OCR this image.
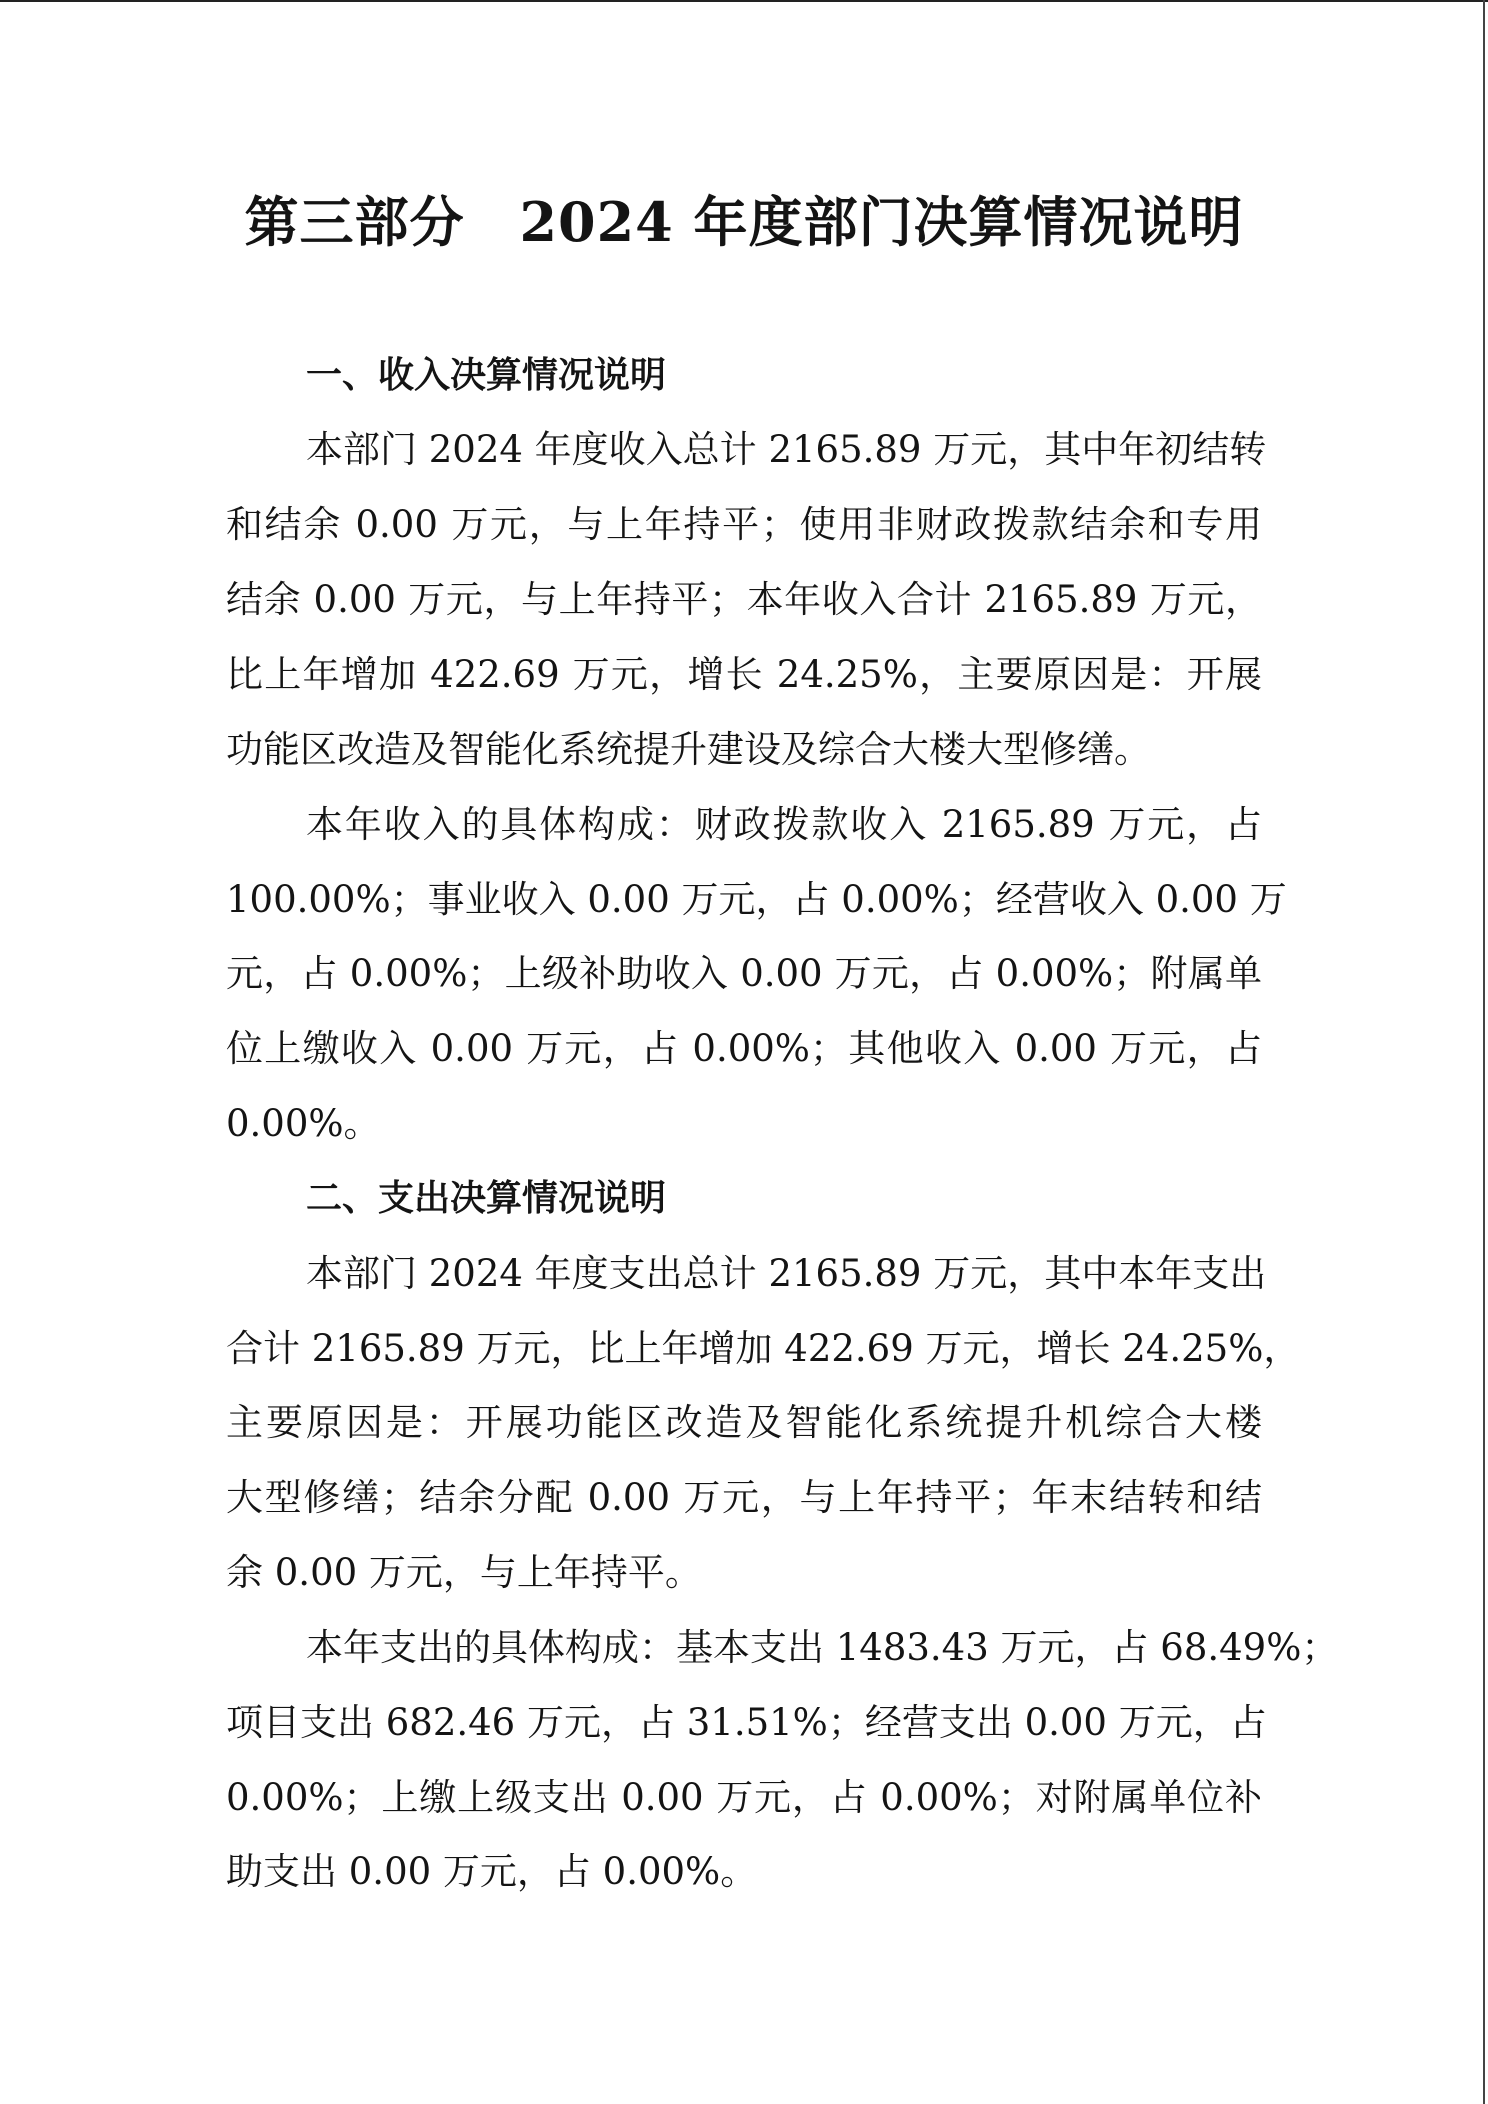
第三部分　2024 年度部门决算情况说明
一、收入决算情况说明
本部门 2024 年度收入总计 2165.89 万元，其中年初结转
和结余 0.00 万元，与上年持平；使用非财政拨款结余和专用
结余 0.00 万元，与上年持平；本年收入合计 2165.89 万元，
比上年增加 422.69 万元，增长 24.25%，主要原因是：开展
功能区改造及智能化系统提升建设及综合大楼大型修缮。
本年收入的具体构成：财政拨款收入 2165.89 万元，占
100.00%；事业收入 0.00 万元，占 0.00%；经营收入 0.00 万
元，占 0.00%；上级补助收入 0.00 万元，占 0.00%；附属单
位上缴收入 0.00 万元，占 0.00%；其他收入 0.00 万元，占
0.00%。
二、支出决算情况说明
本部门 2024 年度支出总计 2165.89 万元，其中本年支出
合计 2165.89 万元，比上年增加 422.69 万元，增长 24.25%，
主要原因是：开展功能区改造及智能化系统提升机综合大楼
大型修缮；结余分配 0.00 万元，与上年持平；年末结转和结
余 0.00 万元，与上年持平。
本年支出的具体构成：基本支出 1483.43 万元，占 68.49%；
项目支出 682.46 万元，占 31.51%；经营支出 0.00 万元，占
0.00%；上缴上级支出 0.00 万元，占 0.00%；对附属单位补
助支出 0.00 万元，占 0.00%。
